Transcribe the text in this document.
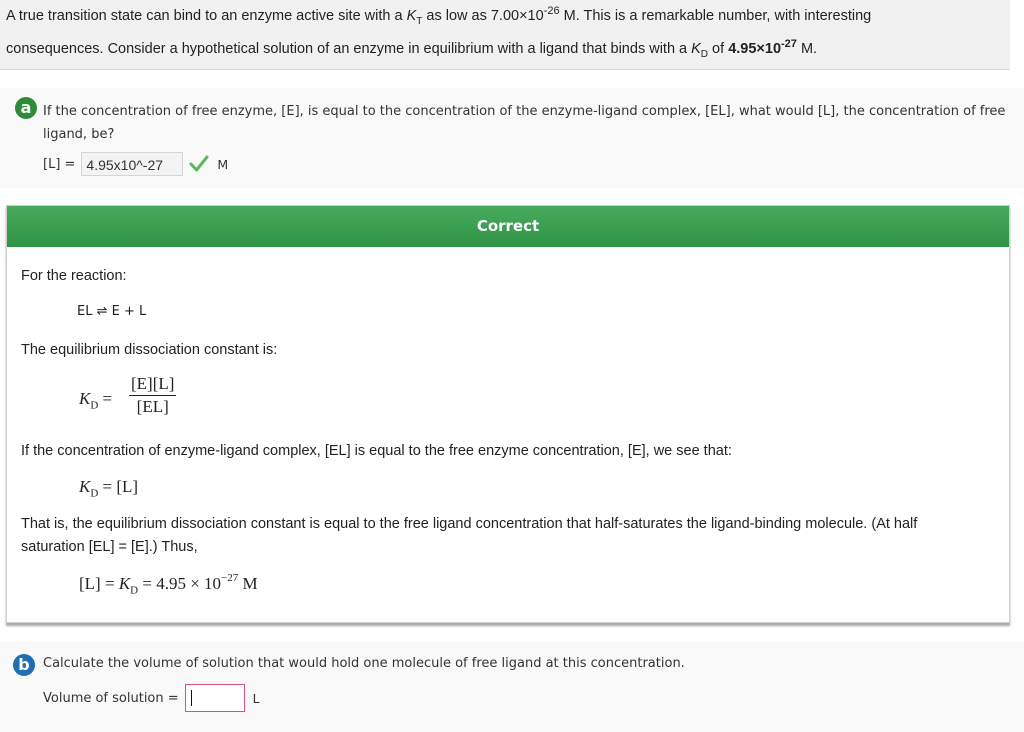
A true transition state can bind to an enzyme active site with a $K_T$ as low as $7.00\times 10^{-26}$ M. This is a remarkable number, with interesting
consequences. Consider a hypothetical solution of an enzyme in equilibrium with a ligand that binds with a $K_D$ of $4.95\times 10^{-27}$ M.
a If the concentration of free enzyme, [E], is equal to the concentration of the enzyme-ligand complex, [EL], what would [L], the concentration of free ligand, be?
[L] = 4.95x10^-27	M
Correct
For the reaction:
EL ⇌ E + L
The equilibrium dissociation constant is:
$K_D$ =
[E][L]
[EL]
If the concentration of enzyme-ligand complex, [EL] is equal to the free enzyme concentration, [E], we see that:
$K_D = [L]$
That is, the equilibrium dissociation constant is equal to the free ligand concentration that half-saturates the ligand-binding molecule. (At half
saturation [EL] = [E].) Thus,
$[L] = K_D = 4.95 \times 10^{-27}$ M
b	Calculate the volume of solution that would hold one molecule of free ligand at this concentration.
Volume of solution =	L
